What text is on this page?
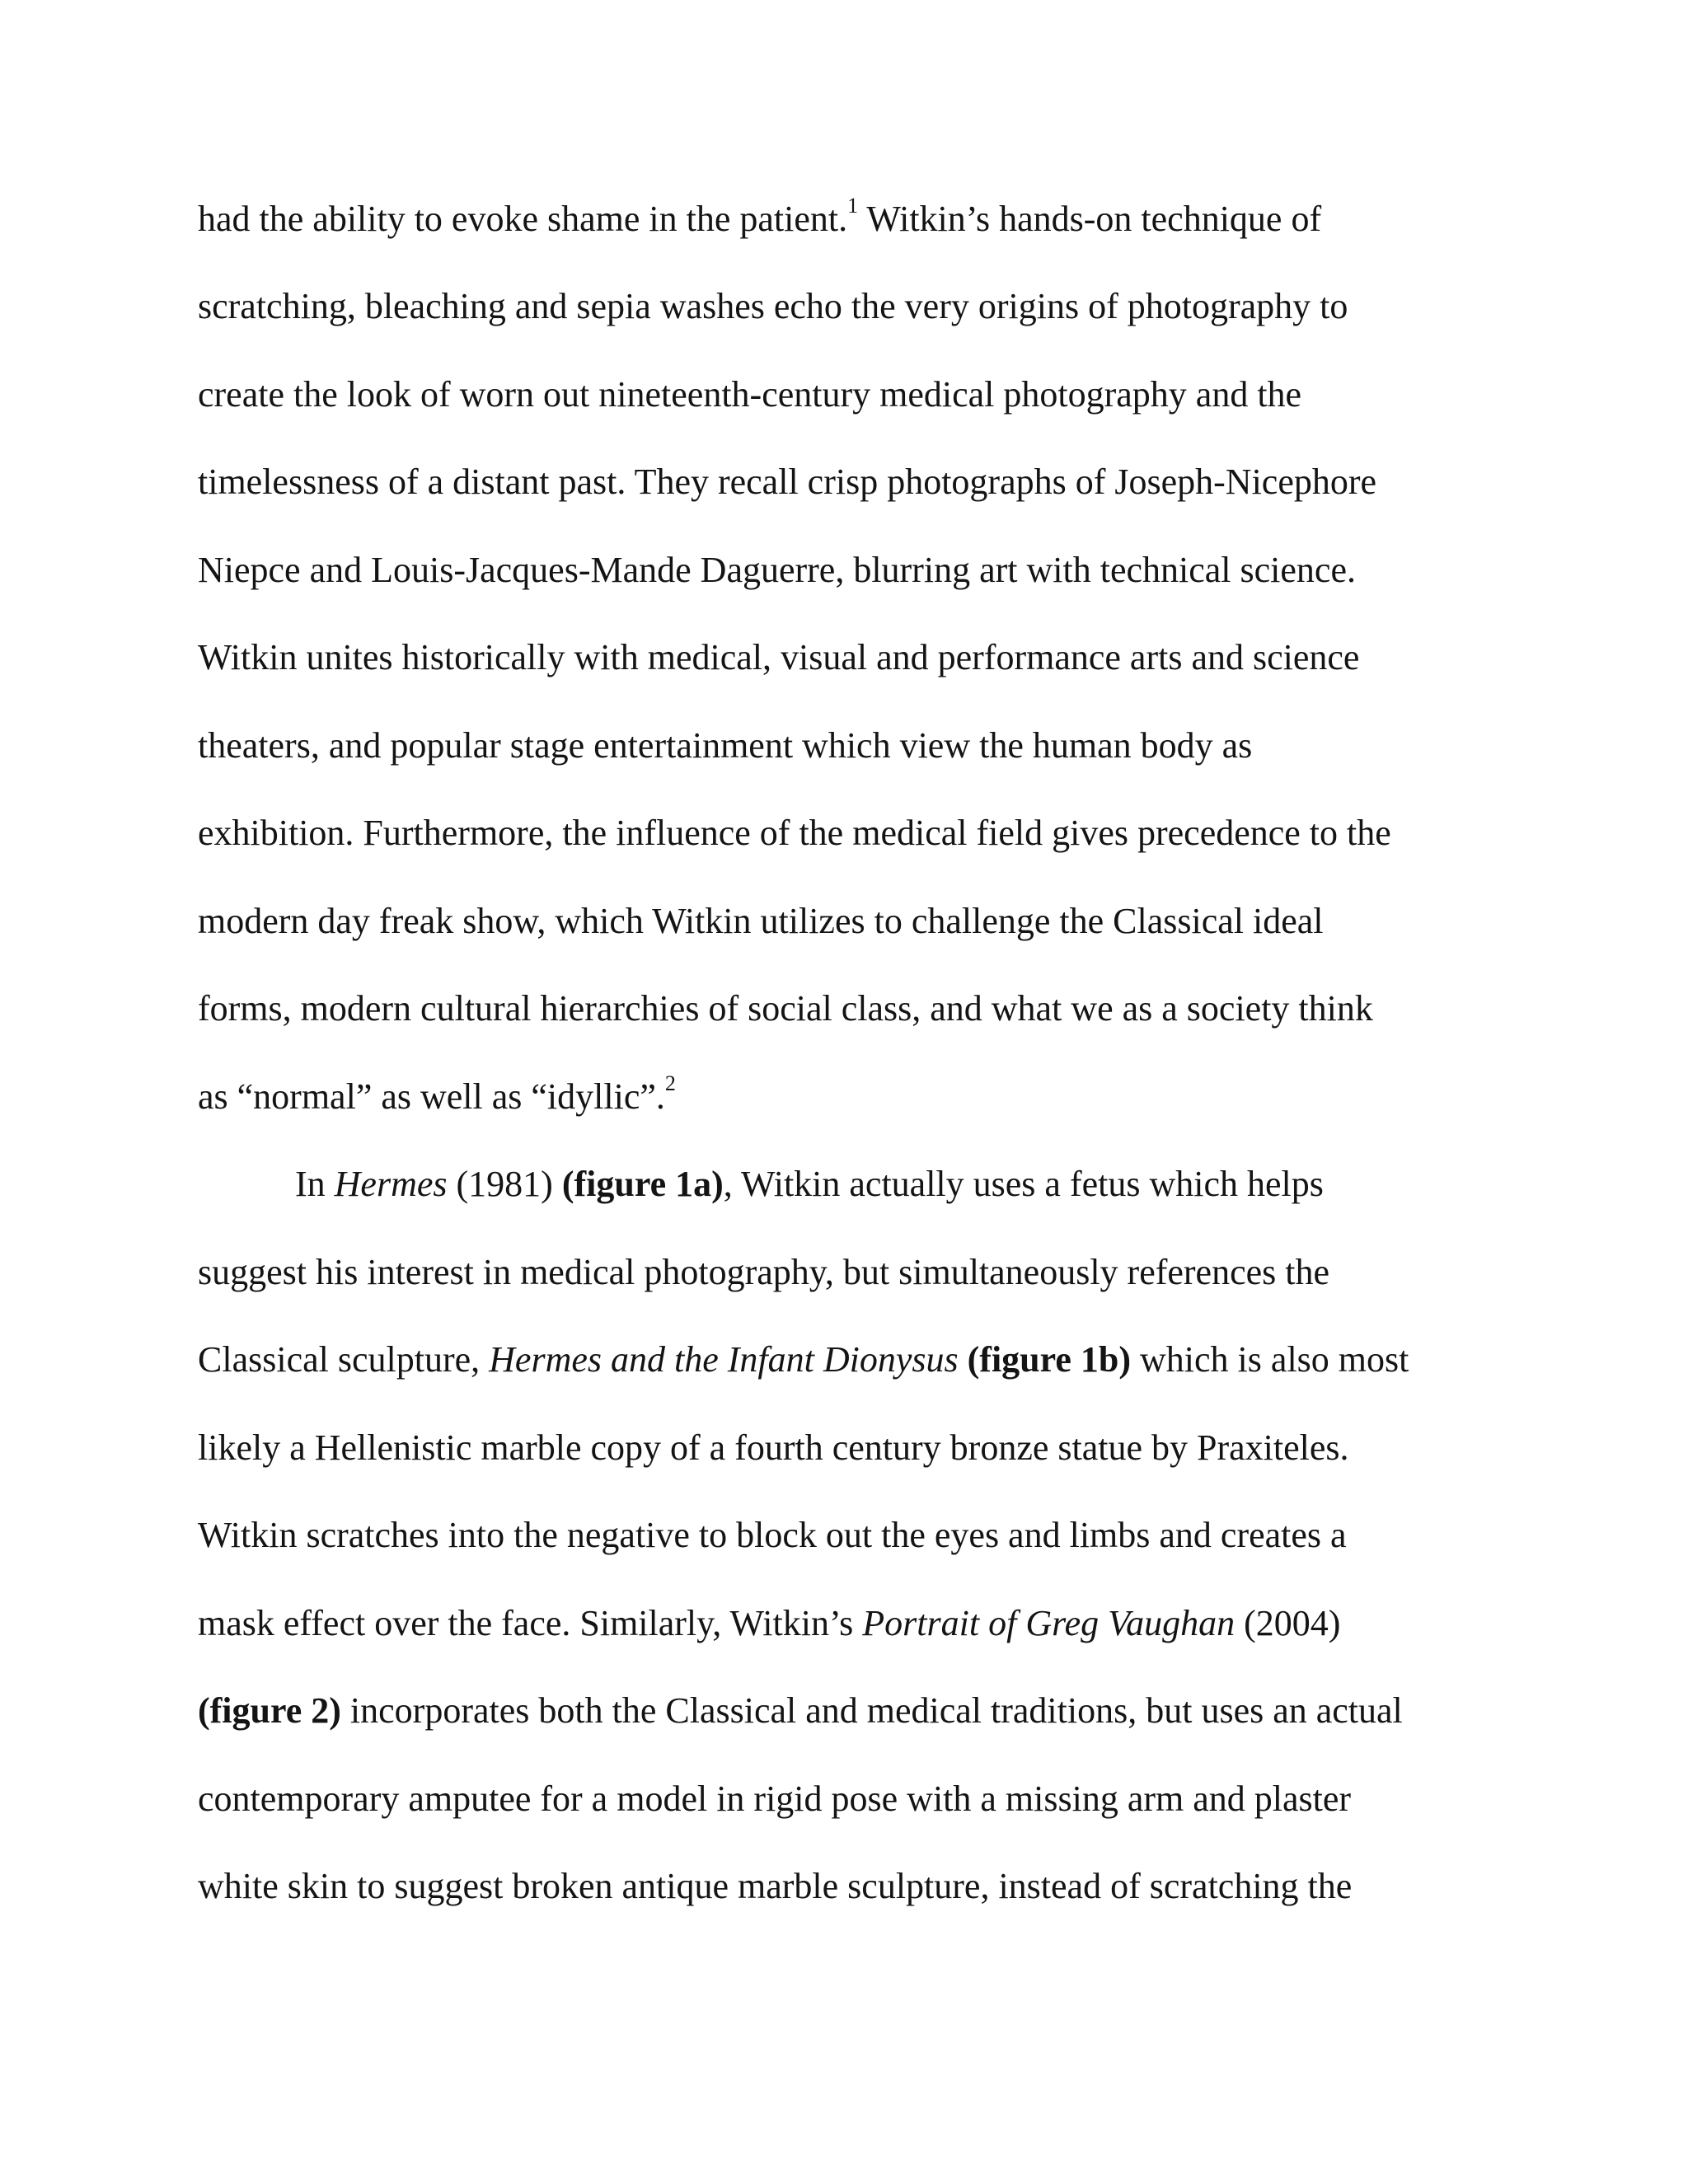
had the ability to evoke shame in the patient.$^1$ Witkin’s hands-on technique of
scratching, bleaching and sepia washes echo the very origins of photography to
create the look of worn out nineteenth-century medical photography and the
timelessness of a distant past. They recall crisp photographs of Joseph-Nicephore
Niepce and Louis-Jacques-Mande Daguerre, blurring art with technical science.
Witkin unites historically with medical, visual and performance arts and science
theaters, and popular stage entertainment which view the human body as
exhibition. Furthermore, the influence of the medical field gives precedence to the
modern day freak show, which Witkin utilizes to challenge the Classical ideal
forms, modern cultural hierarchies of social class, and what we as a society think
as “normal” as well as “idyllic”.$^2$
In Hermes (1981) (figure 1a), Witkin actually uses a fetus which helps
suggest his interest in medical photography, but simultaneously references the
Classical sculpture, Hermes and the Infant Dionysus (figure 1b) which is also most
likely a Hellenistic marble copy of a fourth century bronze statue by Praxiteles.
Witkin scratches into the negative to block out the eyes and limbs and creates a
mask effect over the face. Similarly, Witkin’s Portrait of Greg Vaughan (2004)
(figure 2) incorporates both the Classical and medical traditions, but uses an actual
contemporary amputee for a model in rigid pose with a missing arm and plaster
white skin to suggest broken antique marble sculpture, instead of scratching the
